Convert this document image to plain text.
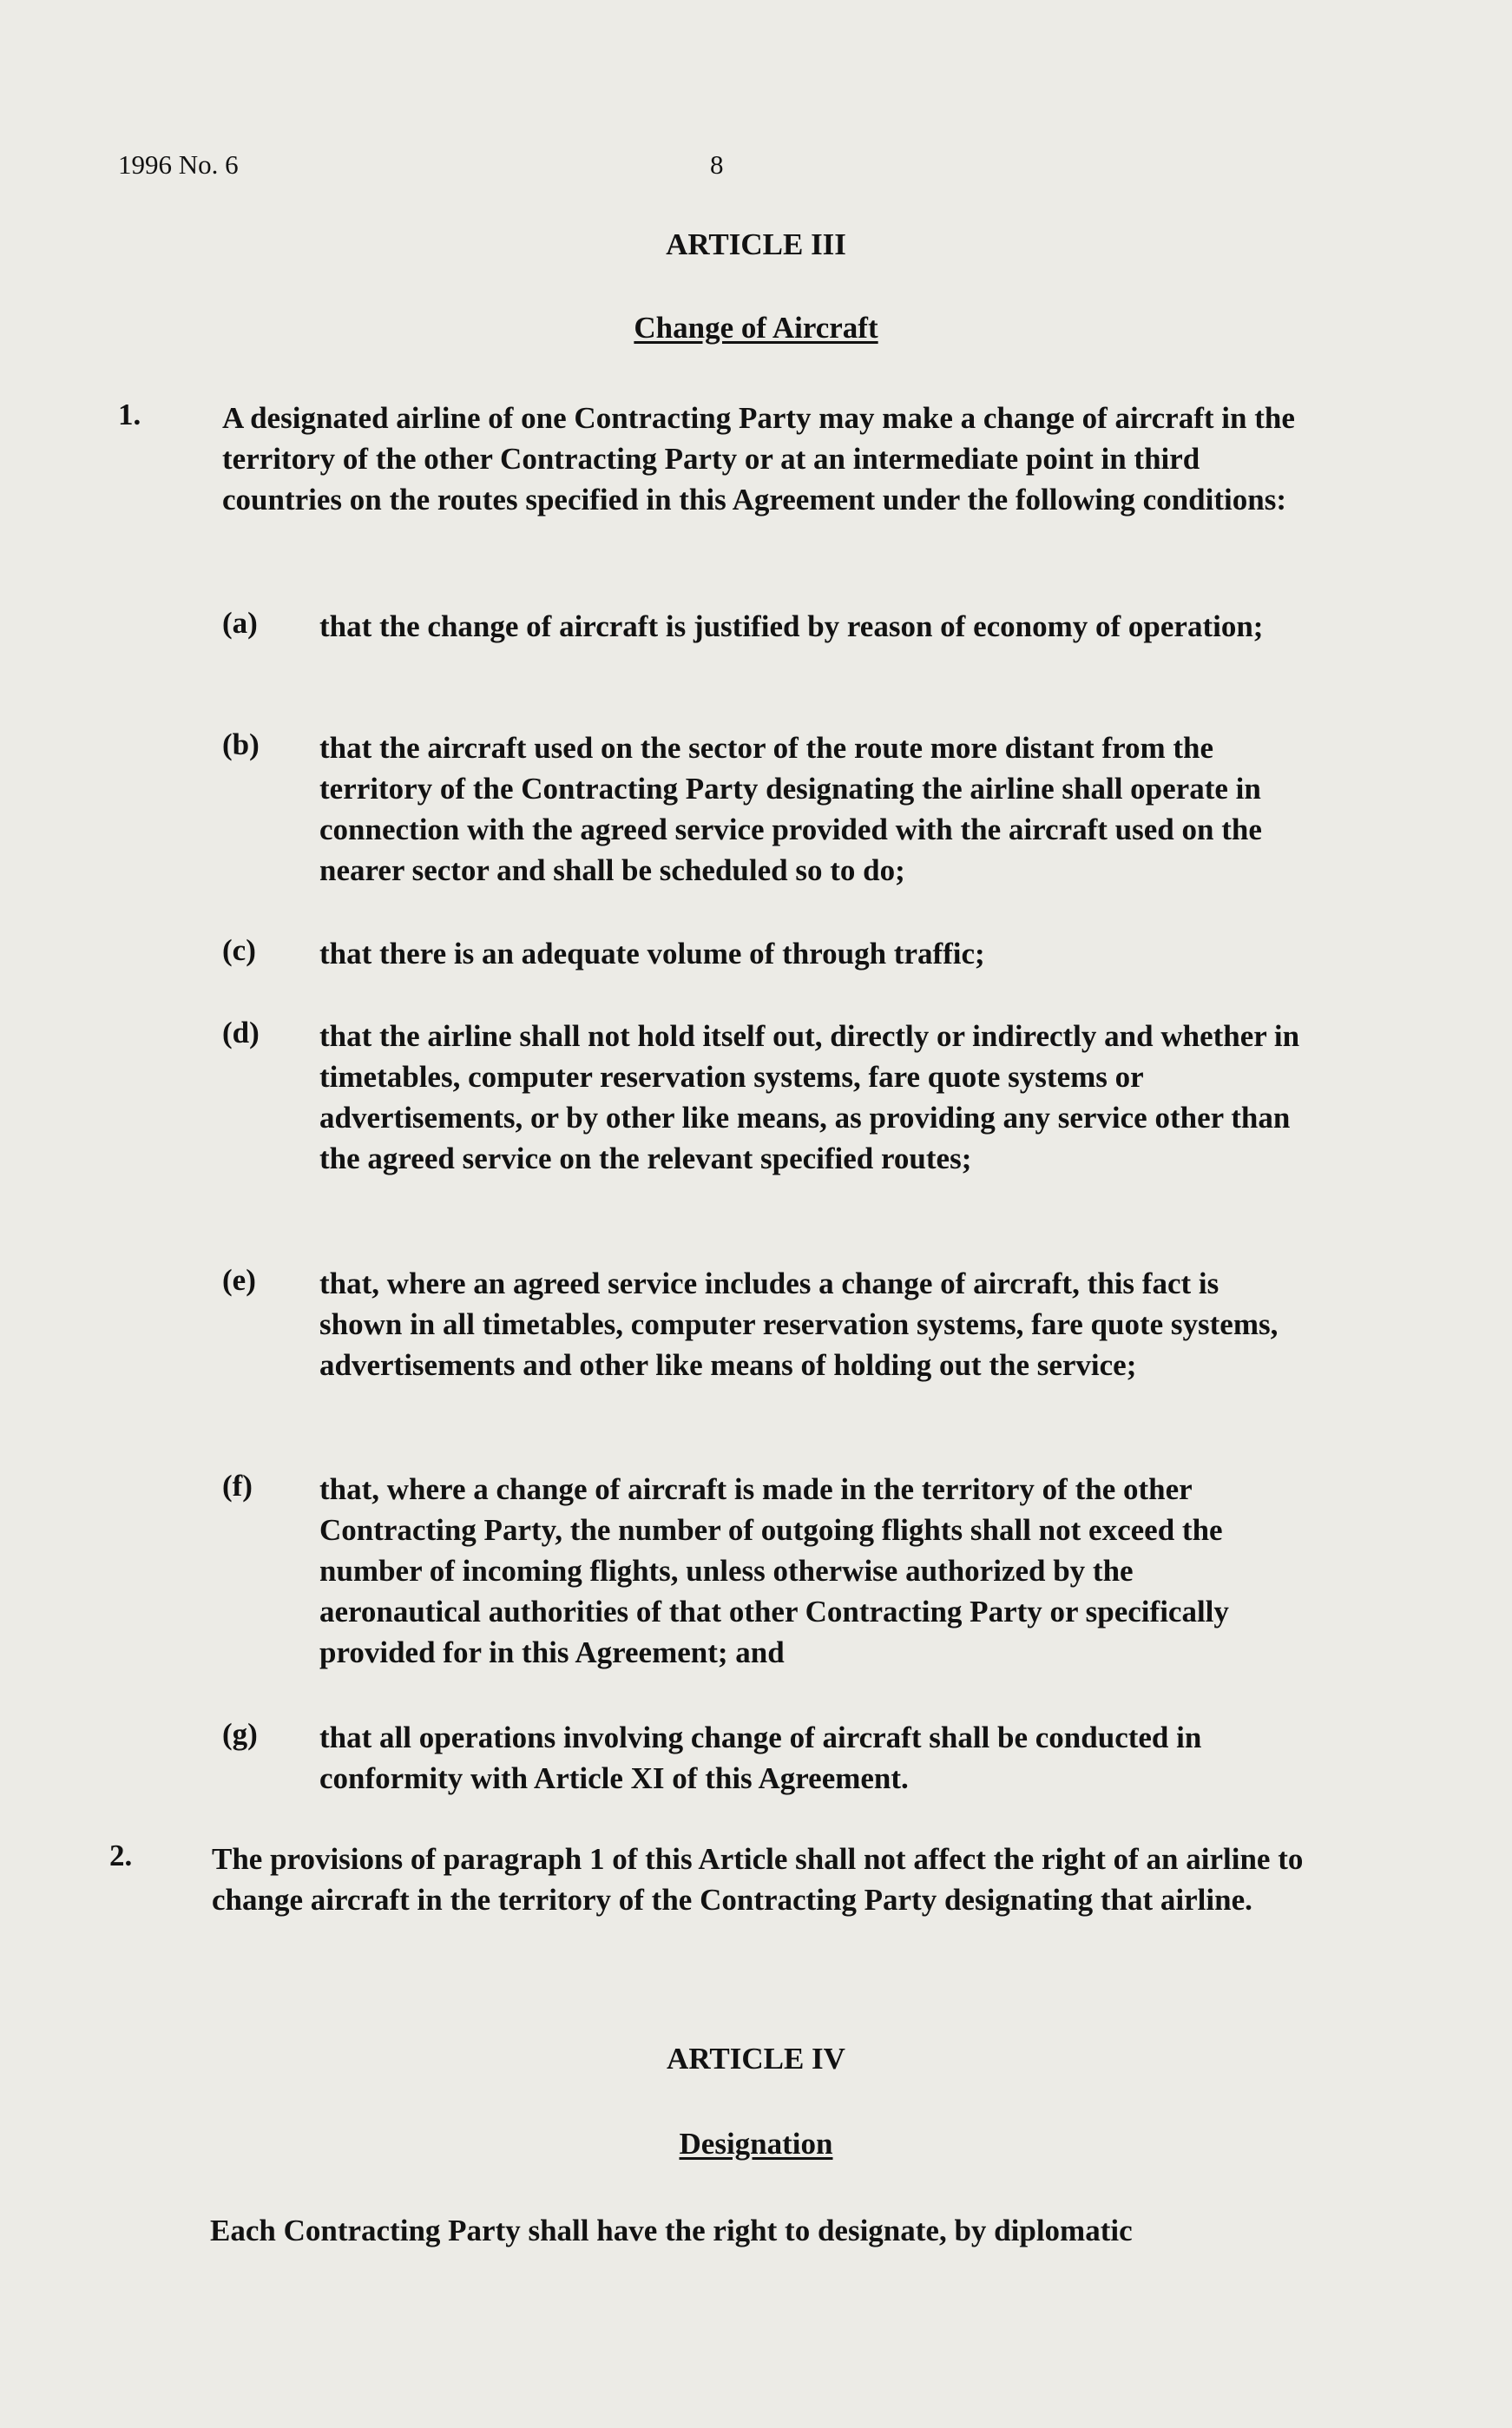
1996 No. 6	8
ARTICLE III
Change of Aircraft
1.	A designated airline of one Contracting Party may make a change of aircraft in the territory of the other Contracting Party or at an intermediate point in third countries on the routes specified in this Agreement under the following conditions:

(a) that the change of aircraft is justified by reason of economy of operation;

(b) that the aircraft used on the sector of the route more distant from the territory of the Contracting Party designating the airline shall operate in connection with the agreed service provided with the aircraft used on the nearer sector and shall be scheduled so to do;

(c) that there is an adequate volume of through traffic;

(d) that the airline shall not hold itself out, directly or indirectly and whether in timetables, computer reservation systems, fare quote systems or advertisements, or by other like means, as providing any service other than the agreed service on the relevant specified routes;

(e) that, where an agreed service includes a change of aircraft, this fact is shown in all timetables, computer reservation systems, fare quote systems, advertisements and other like means of holding out the service;

(f) that, where a change of aircraft is made in the territory of the other Contracting Party, the number of outgoing flights shall not exceed the number of incoming flights, unless otherwise authorized by the aeronautical authorities of that other Contracting Party or specifically provided for in this Agreement; and

(g) that all operations involving change of aircraft shall be conducted in conformity with Article XI of this Agreement.

2.	The provisions of paragraph 1 of this Article shall not affect the right of an airline to change aircraft in the territory of the Contracting Party designating that airline.

ARTICLE IV
Designation

Each Contracting Party shall have the right to designate, by diplomatic
